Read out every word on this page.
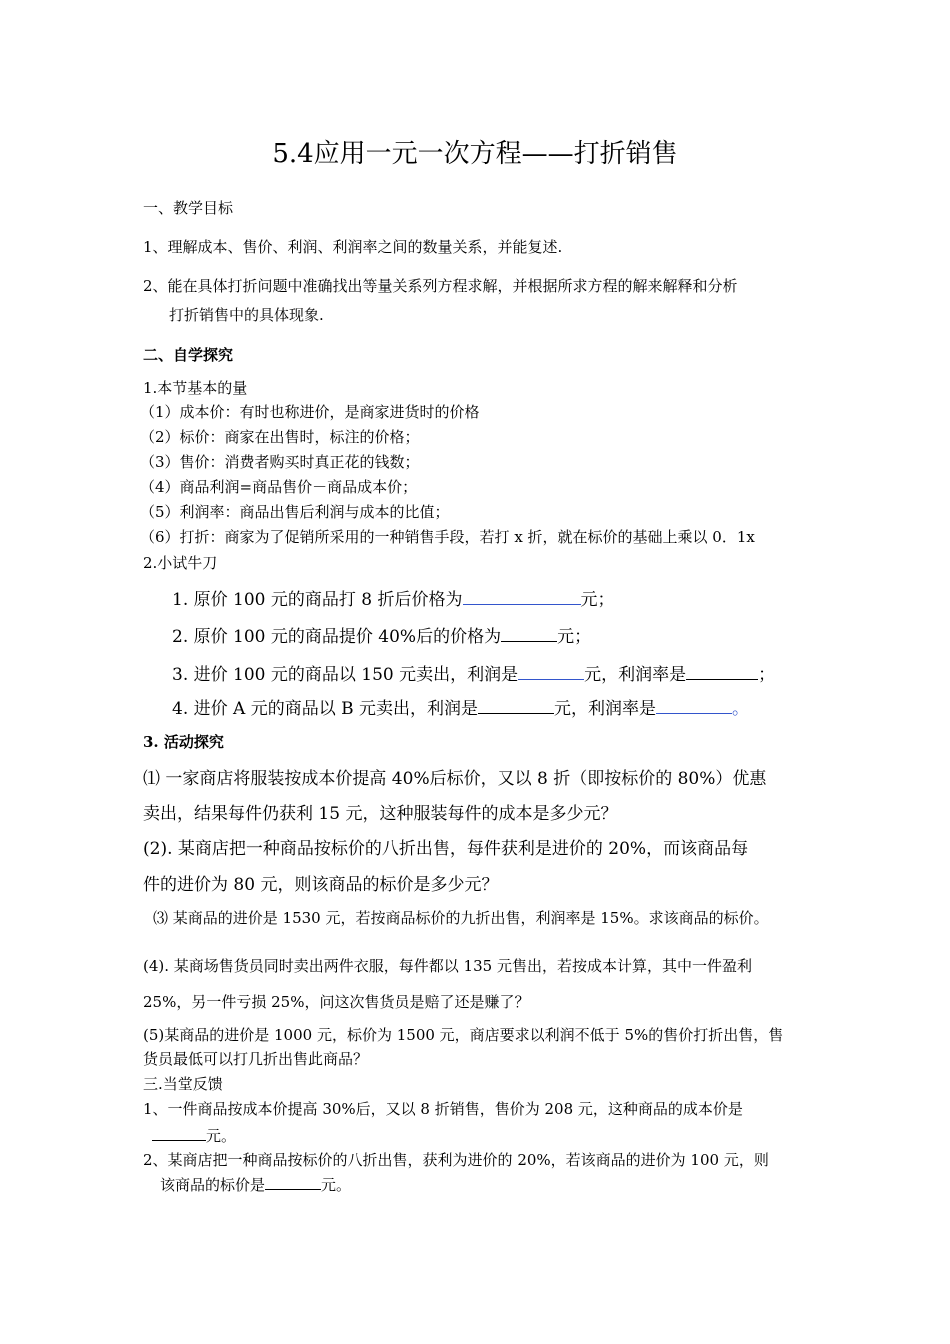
5.4应用一元一次方程——打折销售
一、教学目标
1、理解成本、售价、利润、利润率之间的数量关系，并能复述.
2、能在具体打折问题中准确找出等量关系列方程求解，并根据所求方程的解来解释和分析
打折销售中的具体现象.
二、自学探究
1.本节基本的量
（1）成本价：有时也称进价，是商家进货时的价格
（2）标价：商家在出售时，标注的价格；
（3）售价：消费者购买时真正花的钱数；
（4）商品利润=商品售价－商品成本价；
（5）利润率：商品出售后利润与成本的比值；
（6）打折：商家为了促销所采用的一种销售手段，若打 x 折，就在标价的基础上乘以 0．1x
2.小试牛刀
1. 原价 100 元的商品打 8 折后价格为	元；
2. 原价 100 元的商品提价 40%后的价格为	元；
3. 进价 100 元的商品以 150 元卖出，利润是	元，利润率是	；
4. 进价 A 元的商品以 B 元卖出，利润是	元，利润率是	。
3. 活动探究
⑴ 一家商店将服装按成本价提高 40%后标价，又以 8 折（即按标价的 80%）优惠
卖出，结果每件仍获利 15 元，这种服装每件的成本是多少元？
(2). 某商店把一种商品按标价的八折出售，每件获利是进价的 20%，而该商品每
件的进价为 80 元，则该商品的标价是多少元？
⑶ 某商品的进价是 1530 元，若按商品标价的九折出售，利润率是 15%。求该商品的标价。
(4). 某商场售货员同时卖出两件衣服，每件都以 135 元售出，若按成本计算，其中一件盈利
25%，另一件亏损 25%，问这次售货员是赔了还是赚了？
(5)某商品的进价是 1000 元，标价为 1500 元，商店要求以利润不低于 5%的售价打折出售，售
货员最低可以打几折出售此商品？
三.当堂反馈
1、一件商品按成本价提高 30%后，又以 8 折销售，售价为 208 元，这种商品的成本价是
元。
2、某商店把一种商品按标价的八折出售，获利为进价的 20%，若该商品的进价为 100 元，则
该商品的标价是	元。
